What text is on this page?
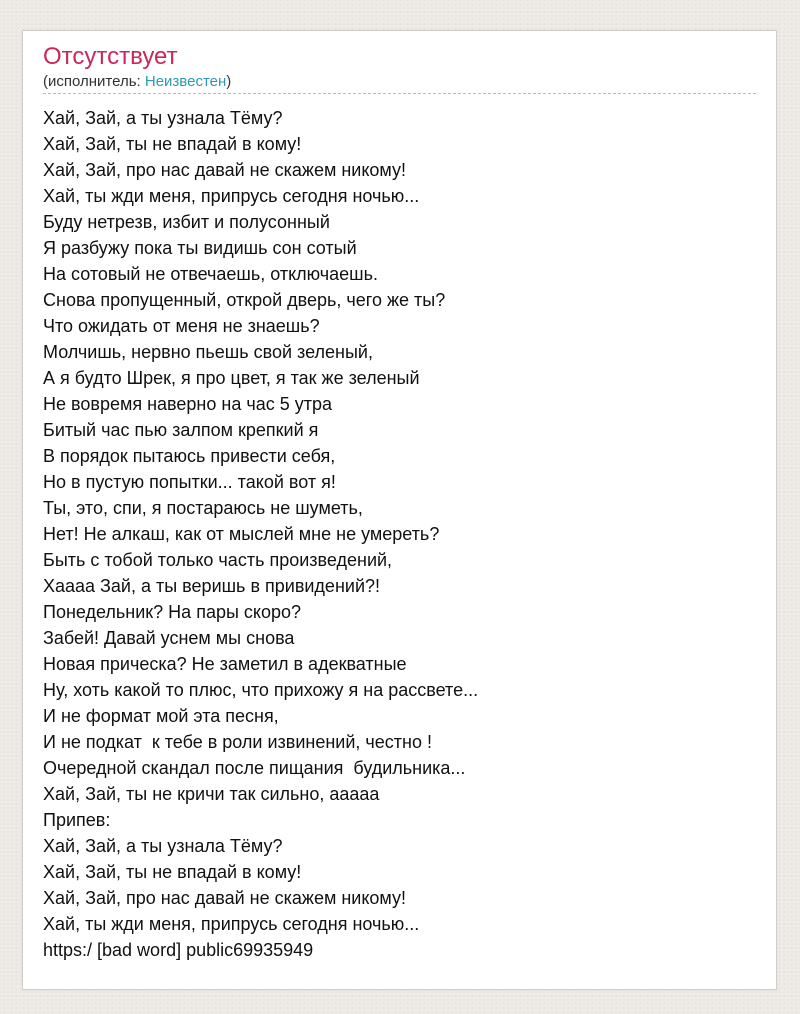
Отсутствует
(исполнитель: Неизвестен)
Хай, Зай, а ты узнала Тёму?
Хай, Зай, ты не впадай в кому!
Хай, Зай, про нас давай не скажем никому!
Хай, ты жди меня, припрусь сегодня ночью...
Буду нетрезв, избит и полусонный
Я разбужу пока ты видишь сон сотый
На сотовый не отвечаешь, отключаешь.
Снова пропущенный, открой дверь, чего же ты?
Что ожидать от меня не знаешь?
Молчишь, нервно пьешь свой зеленый,
А я будто Шрек, я про цвет, я так же зеленый
Не вовремя наверно на час 5 утра
Битый час пью залпом крепкий я
В порядок пытаюсь привести себя,
Но в пустую попытки... такой вот я!
Ты, это, спи, я постараюсь не шуметь,
Нет! Не алкаш, как от мыслей мне не умереть?
Быть с тобой только часть произведений,
Хаааа Зай, а ты веришь в привидений?!
Понедельник? На пары скоро?
Забей! Давай уснем мы снова
Новая прическа? Не заметил в адекватные
Ну, хоть какой то плюс, что прихожу я на рассвете...
И не формат мой эта песня,
И не подкат  к тебе в роли извинений, честно !
Очередной скандал после пищания  будильника...
Хай, Зай, ты не кричи так сильно, ааааа
Припев:
Хай, Зай, а ты узнала Тёму?
Хай, Зай, ты не впадай в кому!
Хай, Зай, про нас давай не скажем никому!
Хай, ты жди меня, припрусь сегодня ночью...
https:/ [bad word] public69935949
